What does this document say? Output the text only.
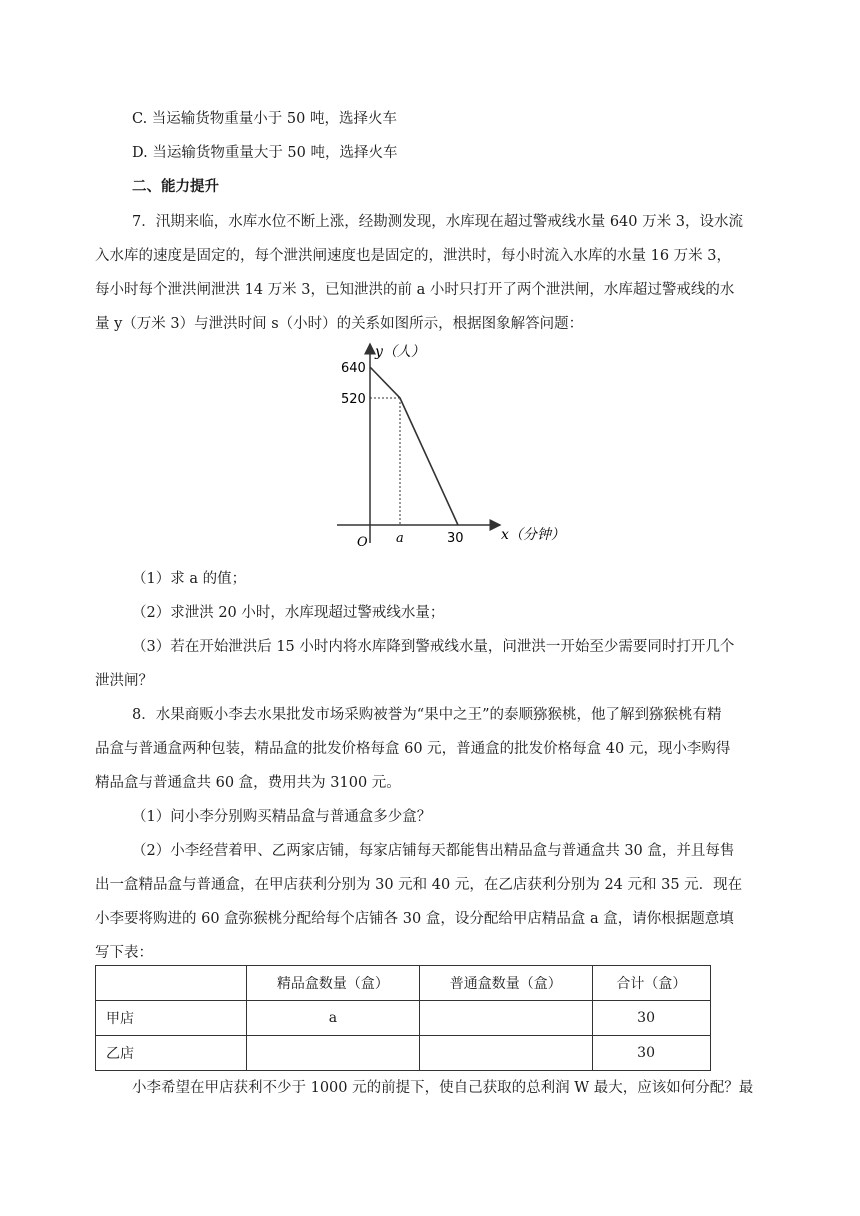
C. 当运输货物重量小于 50 吨，选择火车
D. 当运输货物重量大于 50 吨，选择火车
二、能力提升
7．汛期来临，水库水位不断上涨，经勘测发现，水库现在超过警戒线水量 640 万米 3，设水流
入水库的速度是固定的，每个泄洪闸速度也是固定的，泄洪时，每小时流入水库的水量 16 万米 3，
每小时每个泄洪闸泄洪 14 万米 3，已知泄洪的前 a 小时只打开了两个泄洪闸，水库超过警戒线的水
量 y（万米 3）与泄洪时间 s（小时）的关系如图所示，根据图象解答问题：
y（人）
640
520
O a	30	x（分钟）
（1）求 a 的值；
（2）求泄洪 20 小时，水库现超过警戒线水量；
（3）若在开始泄洪后 15 小时内将水库降到警戒线水量，问泄洪一开始至少需要同时打开几个
泄洪闸？
8．水果商贩小李去水果批发市场采购被誉为“果中之王”的泰顺猕猴桃，他了解到猕猴桃有精
品盒与普通盒两种包装，精品盒的批发价格每盒 60 元，普通盒的批发价格每盒 40 元，现小李购得
精品盒与普通盒共 60 盒，费用共为 3100 元。
（1）问小李分别购买精品盒与普通盒多少盒？
（2）小李经营着甲、乙两家店铺，每家店铺每天都能售出精品盒与普通盒共 30 盒，并且每售
出一盒精品盒与普通盒，在甲店获利分别为 30 元和 40 元，在乙店获利分别为 24 元和 35 元．现在
小李要将购进的 60 盒弥猴桃分配给每个店铺各 30 盒，设分配给甲店精品盒 a 盒，请你根据题意填
写下表：
	精品盒数量（盒）	普通盒数量（盒）	合计（盒）
甲店	a		30
乙店			30
小李希望在甲店获利不少于 1000 元的前提下，使自己获取的总利润 W 最大，应该如何分配？最
